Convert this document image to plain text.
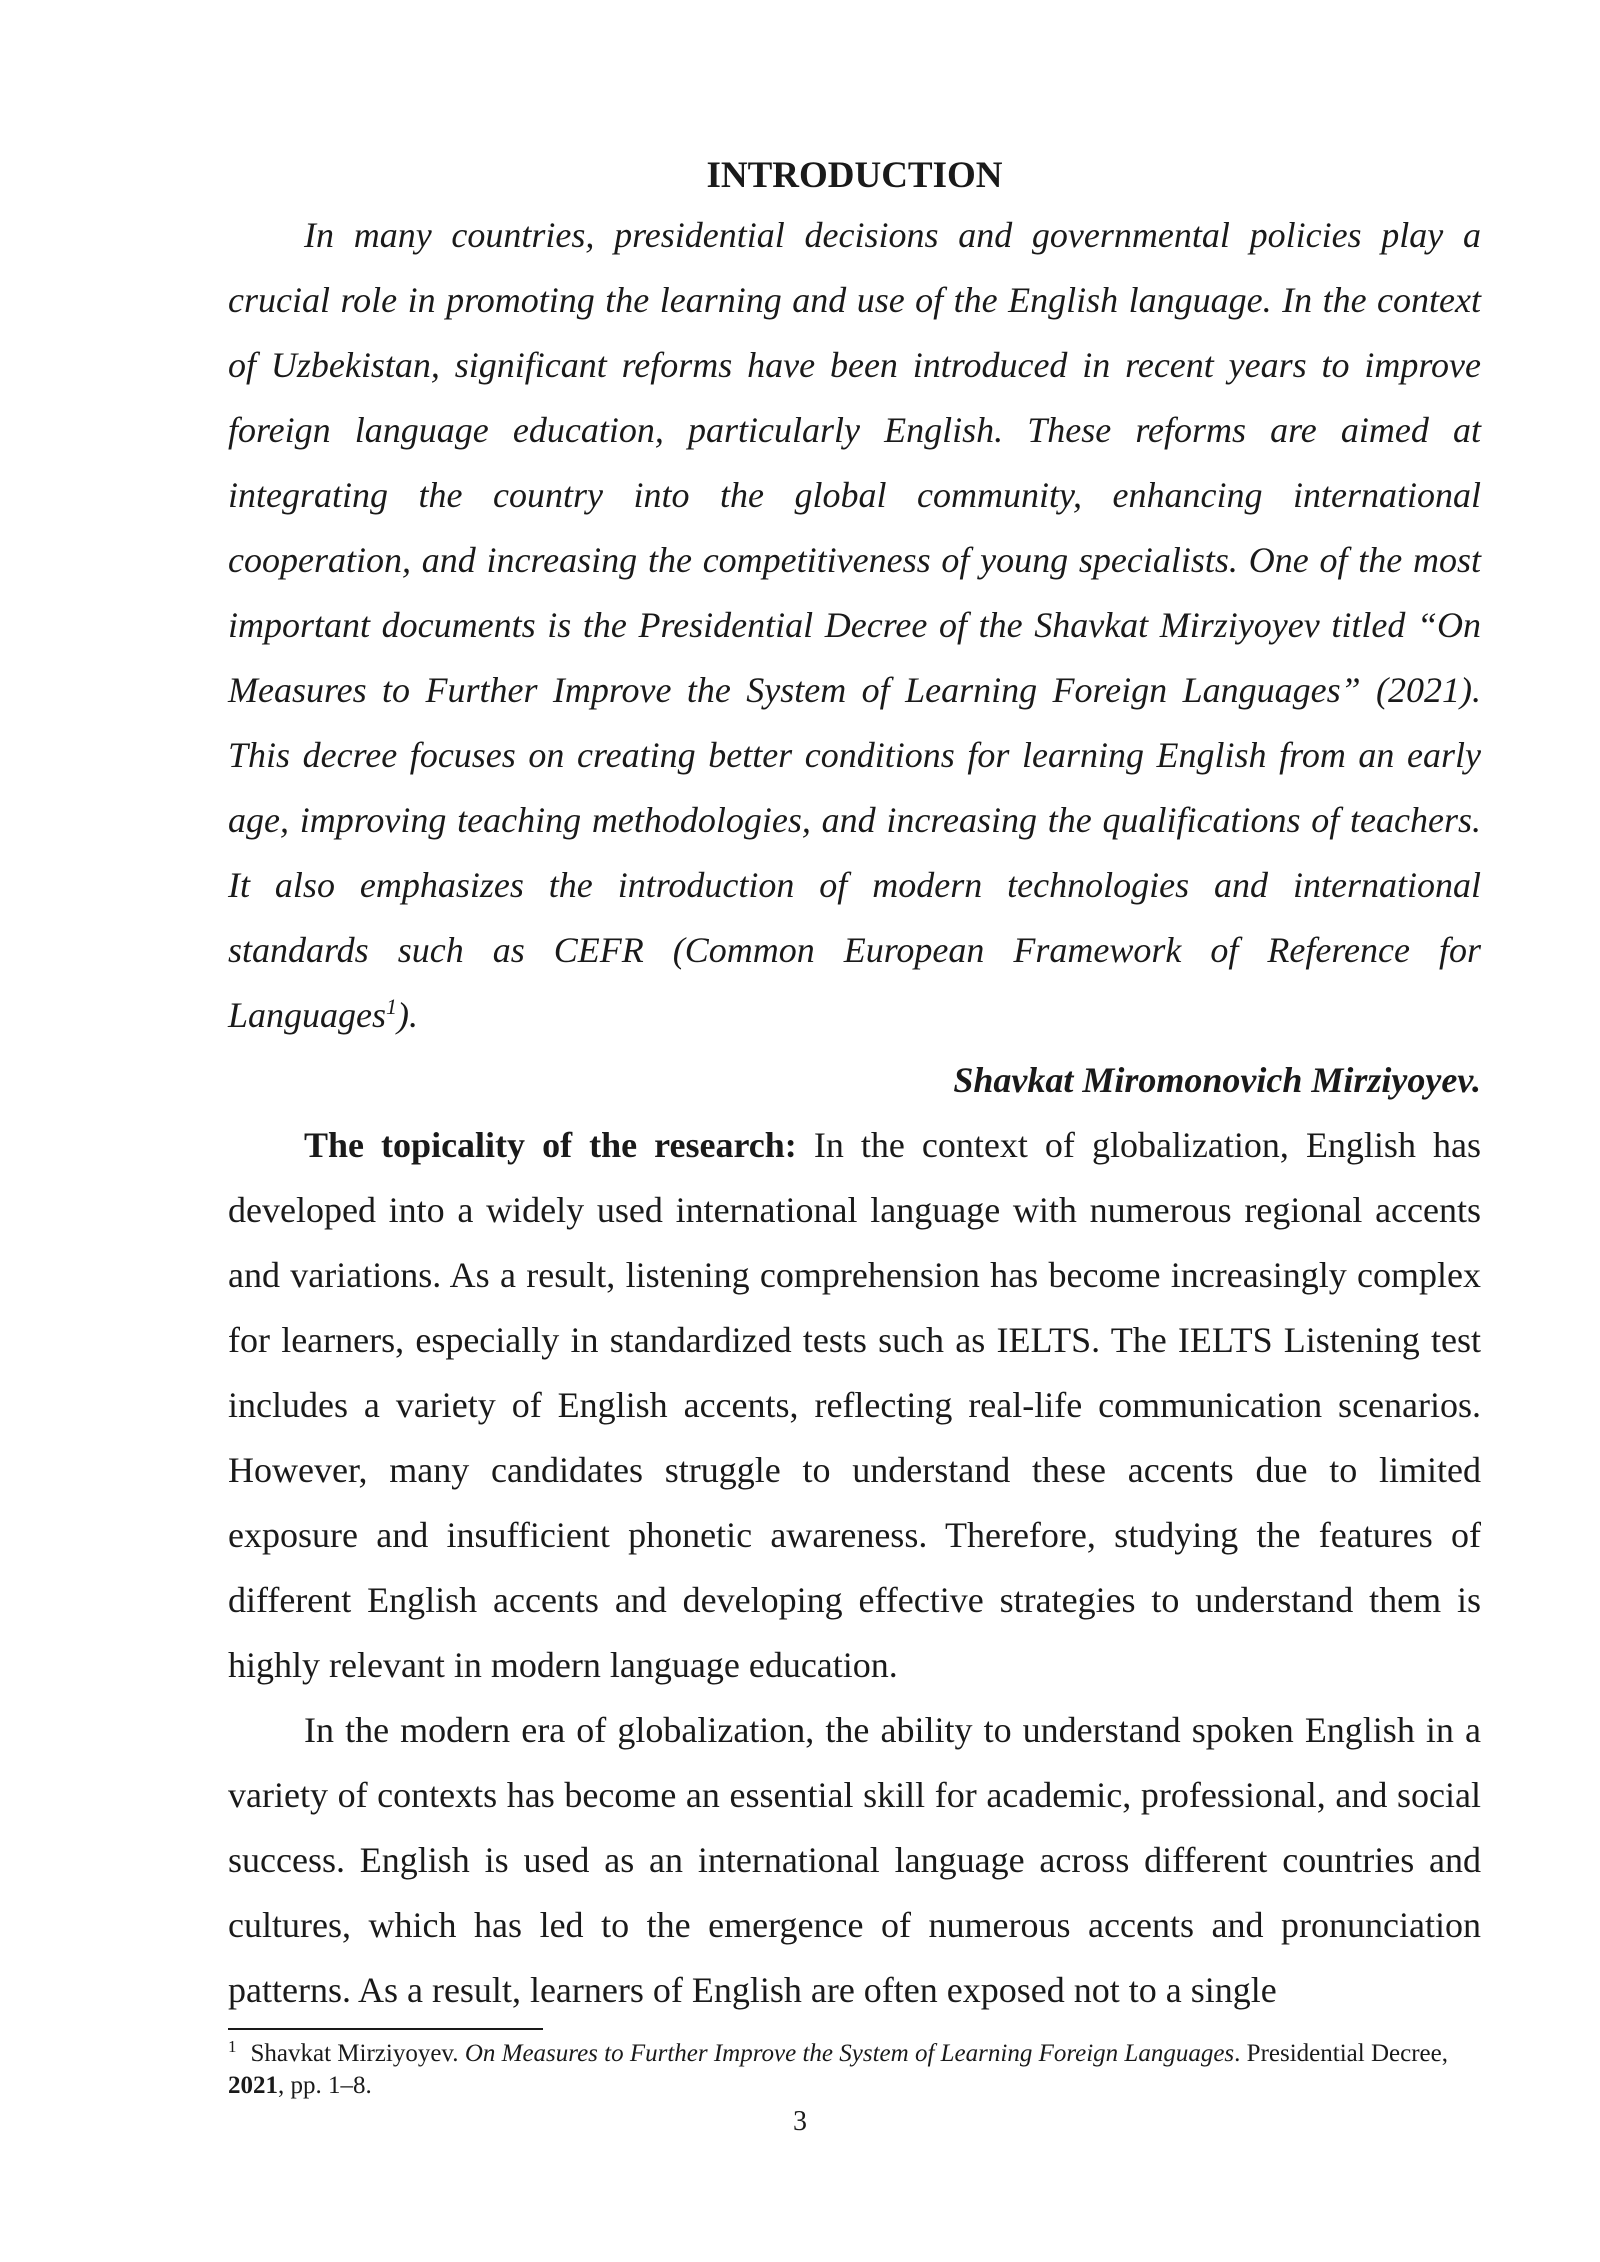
INTRODUCTION

In many countries, presidential decisions and governmental policies play a crucial role in promoting the learning and use of the English language. In the context of Uzbekistan, significant reforms have been introduced in recent years to improve foreign language education, particularly English. These reforms are aimed at integrating the country into the global community, enhancing international cooperation, and increasing the competitiveness of young specialists. One of the most important documents is the Presidential Decree of the Shavkat Mirziyoyev titled “On Measures to Further Improve the System of Learning Foreign Languages” (2021). This decree focuses on creating better conditions for learning English from an early age, improving teaching methodologies, and increasing the qualifications of teachers. It also emphasizes the introduction of modern technologies and international standards such as CEFR (Common European Framework of Reference for Languages$^1$).

Shavkat Miromonovich Mirziyoyev.

The topicality of the research: In the context of globalization, English has developed into a widely used international language with numerous regional accents and variations. As a result, listening comprehension has become increasingly complex for learners, especially in standardized tests such as IELTS. The IELTS Listening test includes a variety of English accents, reflecting real-life communication scenarios. However, many candidates struggle to understand these accents due to limited exposure and insufficient phonetic awareness. Therefore, studying the features of different English accents and developing effective strategies to understand them is highly relevant in modern language education.

In the modern era of globalization, the ability to understand spoken English in a variety of contexts has become an essential skill for academic, professional, and social success. English is used as an international language across different countries and cultures, which has led to the emergence of numerous accents and pronunciation patterns. As a result, learners of English are often exposed not to a single

$^1$ Shavkat Mirziyoyev. On Measures to Further Improve the System of Learning Foreign Languages. Presidential Decree, 2021, pp. 1–8.
3
